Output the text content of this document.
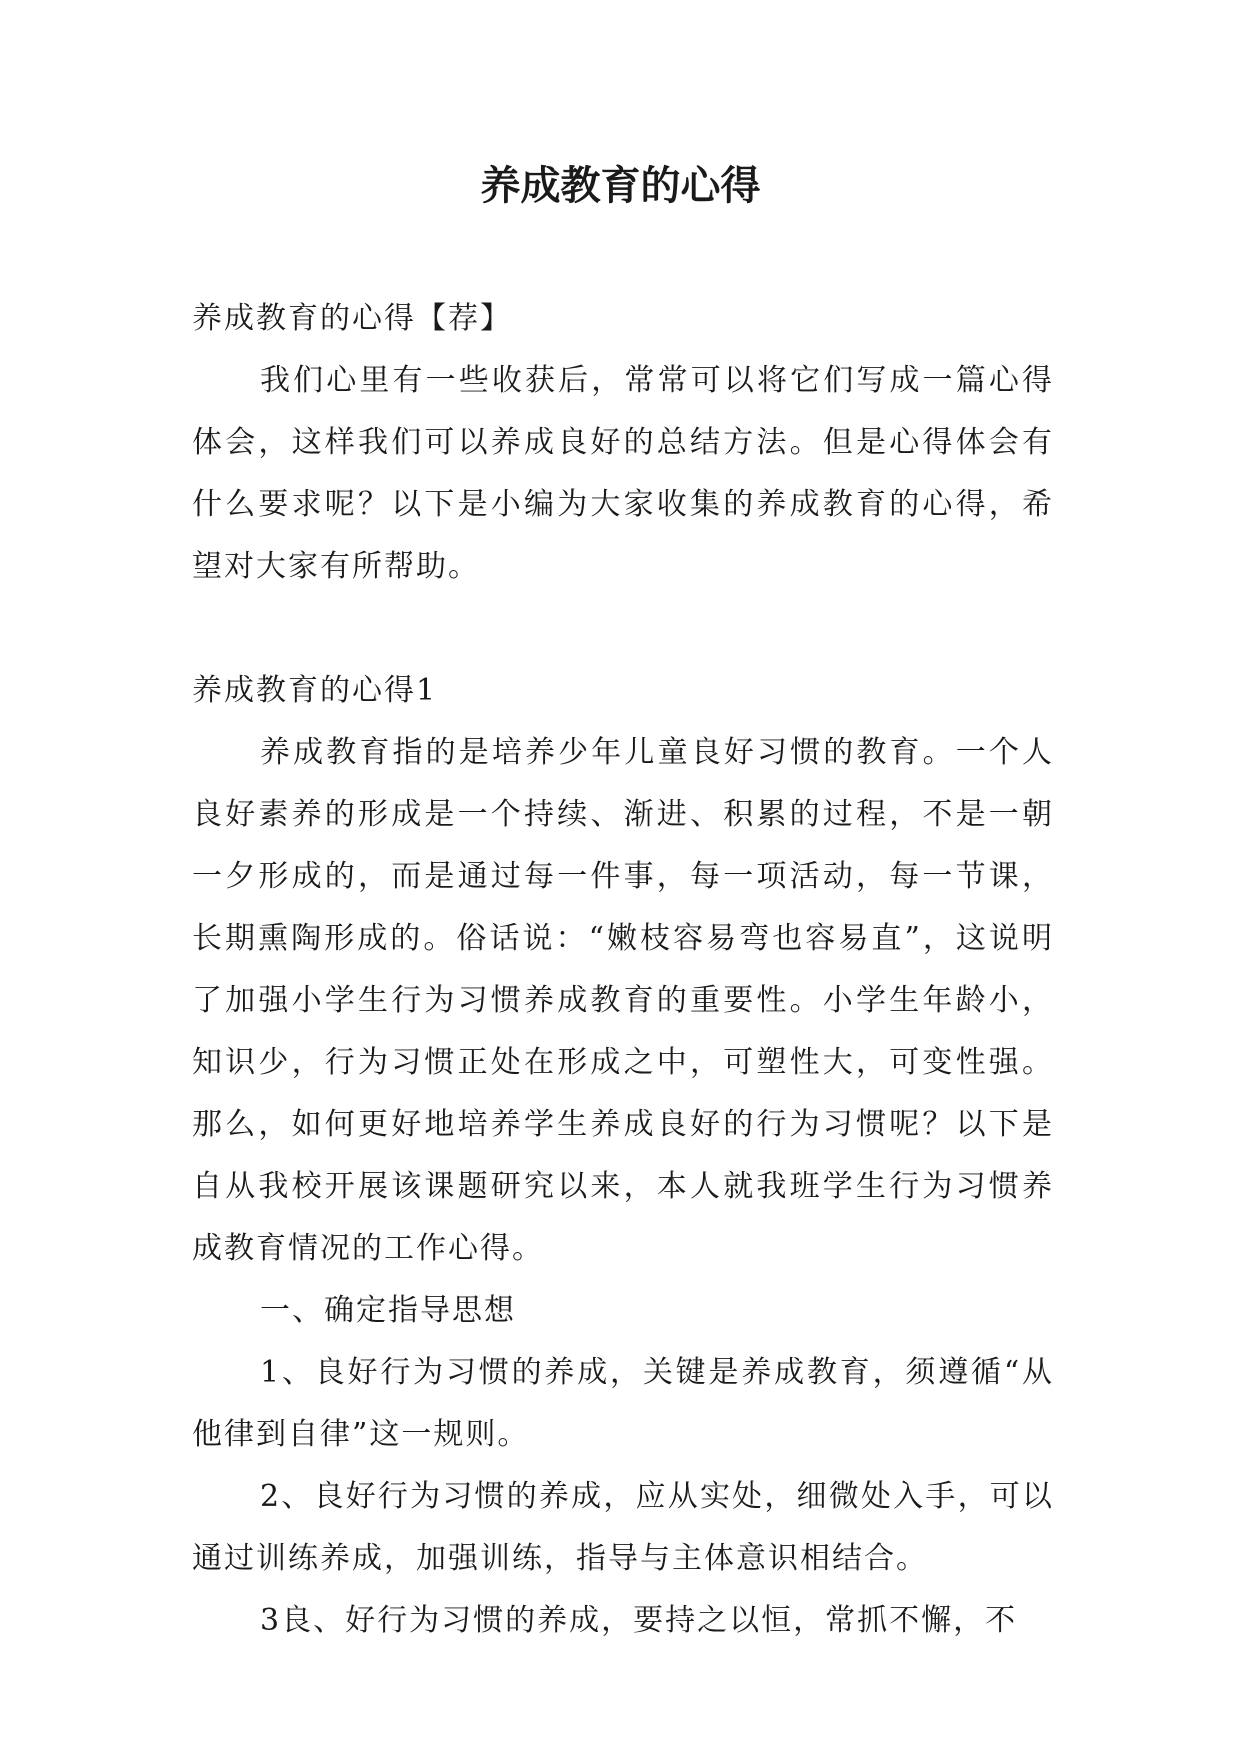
养成教育的心得

养成教育的心得【荐】

我们心里有一些收获后，常常可以将它们写成一篇心得体会，这样我们可以养成良好的总结方法。但是心得体会有什么要求呢？以下是小编为大家收集的养成教育的心得，希望对大家有所帮助。

养成教育的心得1

养成教育指的是培养少年儿童良好习惯的教育。一个人良好素养的形成是一个持续、渐进、积累的过程，不是一朝一夕形成的，而是通过每一件事，每一项活动，每一节课，长期熏陶形成的。俗话说：“嫩枝容易弯也容易直”，这说明了加强小学生行为习惯养成教育的重要性。小学生年龄小，知识少，行为习惯正处在形成之中，可塑性大，可变性强。那么，如何更好地培养学生养成良好的行为习惯呢？以下是自从我校开展该课题研究以来，本人就我班学生行为习惯养成教育情况的工作心得。

一、确定指导思想

1、良好行为习惯的养成，关键是养成教育，须遵循“从他律到自律”这一规则。

2、良好行为习惯的养成，应从实处，细微处入手，可以通过训练养成，加强训练，指导与主体意识相结合。

3良、好行为习惯的养成，要持之以恒，常抓不懈，不
